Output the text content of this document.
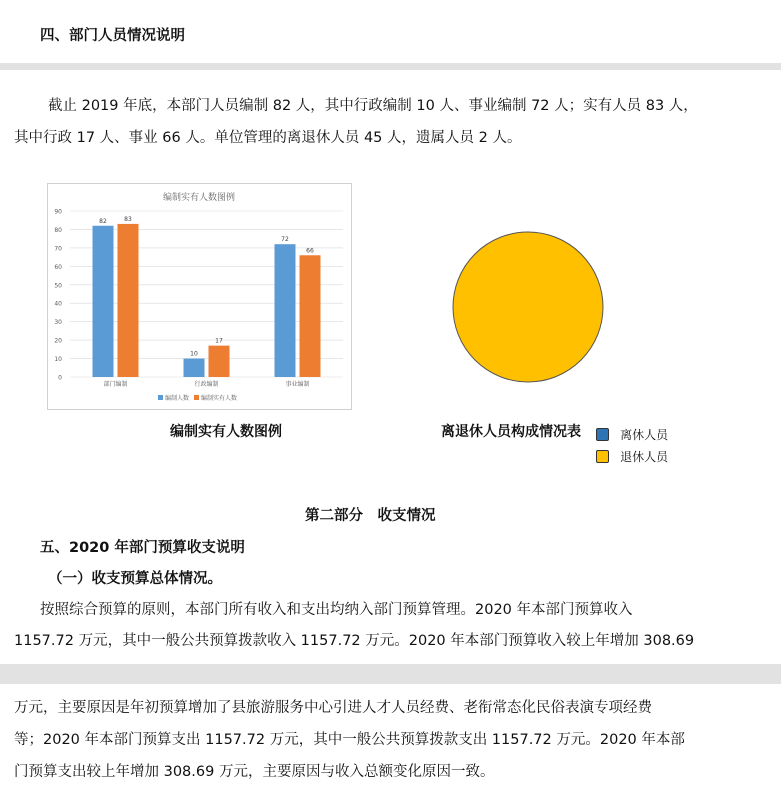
四、部门人员情况说明
截止 2019 年底，本部门人员编制 82 人，其中行政编制 10 人、事业编制 72 人；实有人员 83 人，
其中行政 17 人、事业 66 人。单位管理的离退休人员 45 人，遗属人员 2 人。
编制实有人数图例
0
10
20
30
40
50
60
70
80
90
82	83
部门编制
10
17
行政编制
72
66
事业编制
编制人数 编制实有人数
编制实有人数图例	离退休人员构成情况表	离休人员
退休人员
第二部分　收支情况
五、2020 年部门预算收支说明
（一）收支预算总体情况。
按照综合预算的原则，本部门所有收入和支出均纳入部门预算管理。2020 年本部门预算收入
1157.72 万元，其中一般公共预算拨款收入 1157.72 万元。2020 年本部门预算收入较上年增加 308.69
万元，主要原因是年初预算增加了县旅游服务中心引进人才人员经费、老衔常态化民俗表演专项经费
等；2020 年本部门预算支出 1157.72 万元，其中一般公共预算拨款支出 1157.72 万元。2020 年本部
门预算支出较上年增加 308.69 万元，主要原因与收入总额变化原因一致。
